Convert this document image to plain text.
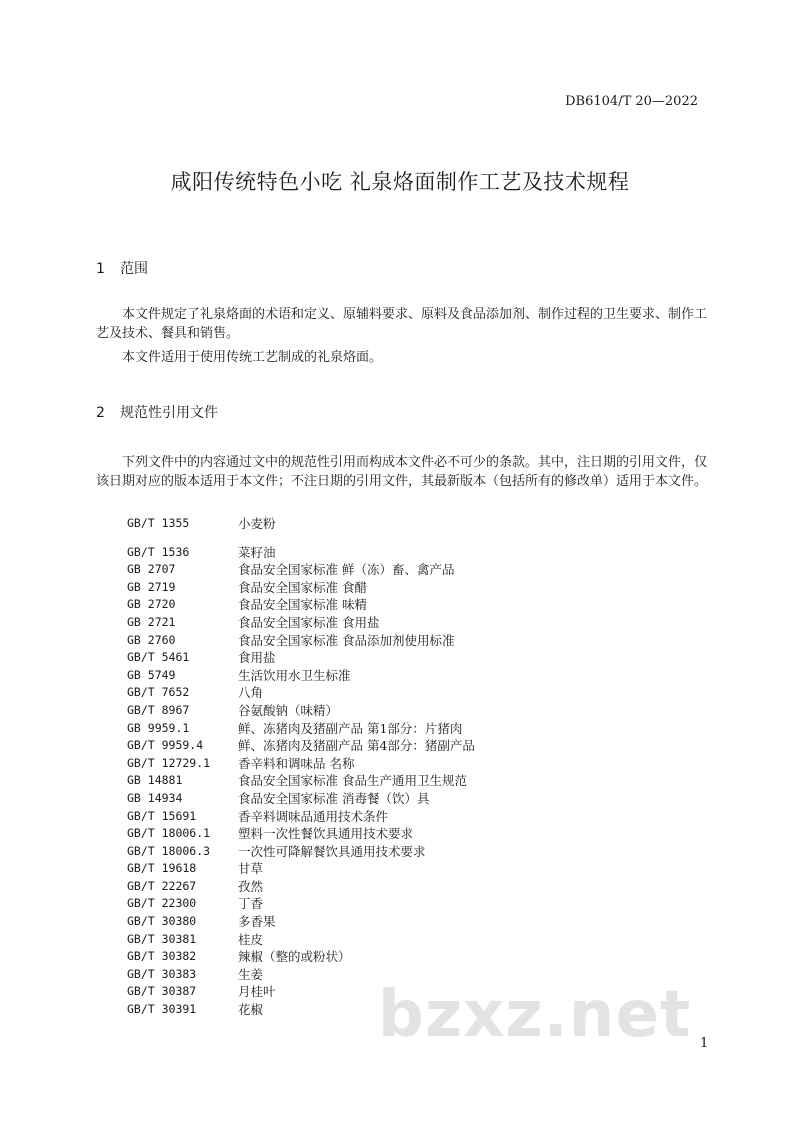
DB6104/T 20—2022
咸阳传统特色小吃 礼泉烙面制作工艺及技术规程
1 范围

本文件规定了礼泉烙面的术语和定义、原辅料要求、原料及食品添加剂、制作过程的卫生要求、制作工艺及技术、餐具和销售。

本文件适用于使用传统工艺制成的礼泉烙面。

2 规范性引用文件

下列文件中的内容通过文中的规范性引用而构成本文件必不可少的条款。其中，注日期的引用文件，仅该日期对应的版本适用于本文件；不注日期的引用文件，其最新版本（包括所有的修改单）适用于本文件。

GB/T 1355	小麦粉
GB/T 1536	菜籽油
GB 2707	食品安全国家标准 鲜（冻）畜、禽产品
GB 2719	食品安全国家标准 食醋
GB 2720	食品安全国家标准 味精
GB 2721	食品安全国家标准 食用盐
GB 2760	食品安全国家标准 食品添加剂使用标准
GB/T 5461	食用盐
GB 5749	生活饮用水卫生标准
GB/T 7652	八角
GB/T 8967	谷氨酸钠（味精）
GB 9959.1	鲜、冻猪肉及猪副产品 第1部分：片猪肉
GB/T 9959.4	鲜、冻猪肉及猪副产品 第4部分：猪副产品
GB/T 12729.1	香辛料和调味品 名称
GB 14881	食品安全国家标准 食品生产通用卫生规范
GB 14934	食品安全国家标准 消毒餐（饮）具
GB/T 15691	香辛料调味品通用技术条件
GB/T 18006.1	塑料一次性餐饮具通用技术要求
GB/T 18006.3	一次性可降解餐饮具通用技术要求
GB/T 19618	甘草
GB/T 22267	孜然
GB/T 22300	丁香
GB/T 30380	多香果
GB/T 30381	桂皮
GB/T 30382	辣椒（整的或粉状）
GB/T 30383	生姜
GB/T 30387	月桂叶
GB/T 30391	花椒 bzxz.net 1
